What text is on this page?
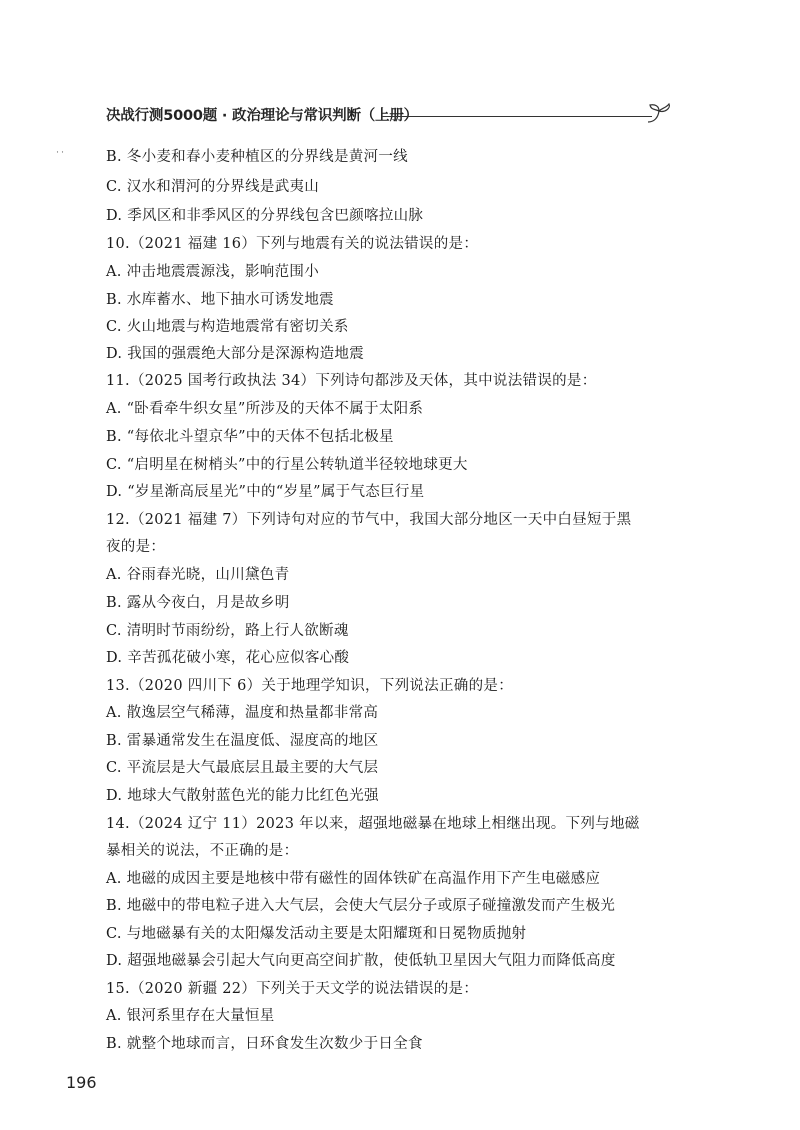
决战行测5000题 · 政治理论与常识判断（上册）
˙˙	B. 冬小麦和春小麦种植区的分界线是黄河一线
C. 汉水和渭河的分界线是武夷山
D. 季风区和非季风区的分界线包含巴颜喀拉山脉
10.（2021 福建 16）下列与地震有关的说法错误的是：
A. 冲击地震震源浅，影响范围小
B. 水库蓄水、地下抽水可诱发地震
C. 火山地震与构造地震常有密切关系
D. 我国的强震绝大部分是深源构造地震
11.（2025 国考行政执法 34）下列诗句都涉及天体，其中说法错误的是：
A. “卧看牵牛织女星”所涉及的天体不属于太阳系
B. “每依北斗望京华”中的天体不包括北极星
C. “启明星在树梢头”中的行星公转轨道半径较地球更大
D. “岁星渐高辰星光”中的“岁星”属于气态巨行星
12.（2021 福建 7）下列诗句对应的节气中，我国大部分地区一天中白昼短于黑
夜的是：
A. 谷雨春光晓，山川黛色青
B. 露从今夜白，月是故乡明
C. 清明时节雨纷纷，路上行人欲断魂
D. 辛苦孤花破小寒，花心应似客心酸
13.（2020 四川下 6）关于地理学知识，下列说法正确的是：
A. 散逸层空气稀薄，温度和热量都非常高
B. 雷暴通常发生在温度低、湿度高的地区
C. 平流层是大气最底层且最主要的大气层
D. 地球大气散射蓝色光的能力比红色光强
14.（2024 辽宁 11）2023 年以来，超强地磁暴在地球上相继出现。下列与地磁
暴相关的说法，不正确的是：
A. 地磁的成因主要是地核中带有磁性的固体铁矿在高温作用下产生电磁感应
B. 地磁中的带电粒子进入大气层，会使大气层分子或原子碰撞激发而产生极光
C. 与地磁暴有关的太阳爆发活动主要是太阳耀斑和日冕物质抛射
D. 超强地磁暴会引起大气向更高空间扩散，使低轨卫星因大气阻力而降低高度
15.（2020 新疆 22）下列关于天文学的说法错误的是：
A. 银河系里存在大量恒星
B. 就整个地球而言，日环食发生次数少于日全食
196
